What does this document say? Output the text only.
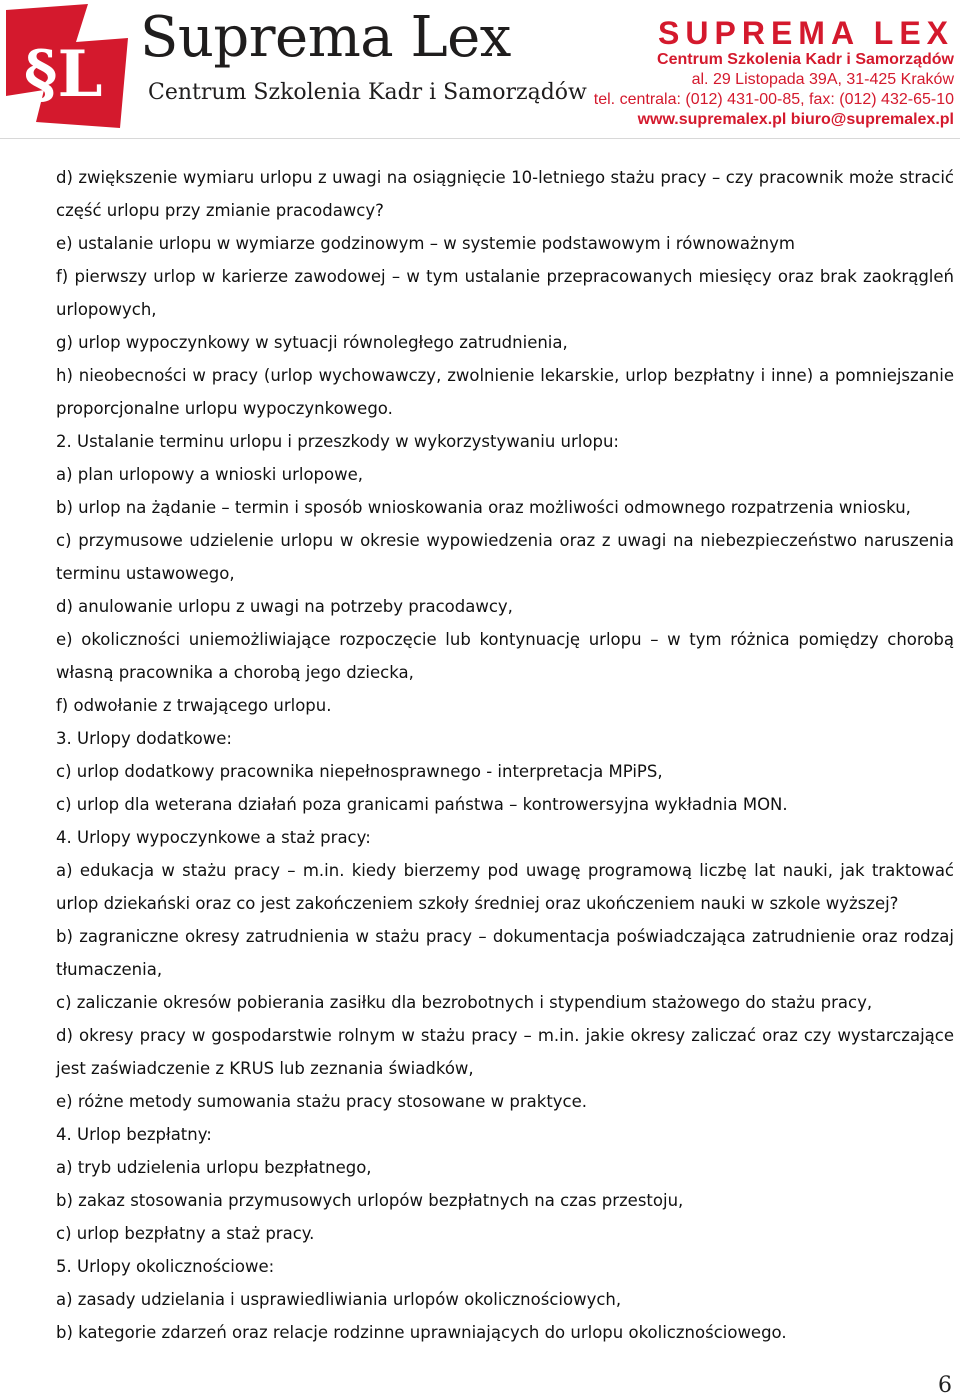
§L Suprema Lex
Centrum Szkolenia Kadr i Samorządów
SUPREMA LEX
Centrum Szkolenia Kadr i Samorządów
al. 29 Listopada 39A, 31-425 Kraków
tel. centrala: (012) 431-00-85, fax: (012) 432-65-10
www.supremalex.pl biuro@supremalex.pl

d) zwiększenie wymiaru urlopu z uwagi na osiągnięcie 10-letniego stażu pracy – czy pracownik może stracić część urlopu przy zmianie pracodawcy?

e) ustalanie urlopu w wymiarze godzinowym – w systemie podstawowym i równoważnym

f) pierwszy urlop w karierze zawodowej – w tym ustalanie przepracowanych miesięcy oraz brak zaokrągleń urlopowych,

g) urlop wypoczynkowy w sytuacji równoległego zatrudnienia,

h) nieobecności w pracy (urlop wychowawczy, zwolnienie lekarskie, urlop bezpłatny i inne) a pomniejszanie proporcjonalne urlopu wypoczynkowego.

2. Ustalanie terminu urlopu i przeszkody w wykorzystywaniu urlopu:

a) plan urlopowy a wnioski urlopowe,

b) urlop na żądanie – termin i sposób wnioskowania oraz możliwości odmownego rozpatrzenia wniosku,

c) przymusowe udzielenie urlopu w okresie wypowiedzenia oraz z uwagi na niebezpieczeństwo naruszenia terminu ustawowego,

d) anulowanie urlopu z uwagi na potrzeby pracodawcy,

e) okoliczności uniemożliwiające rozpoczęcie lub kontynuację urlopu – w tym różnica pomiędzy chorobą własną pracownika a chorobą jego dziecka,

f) odwołanie z trwającego urlopu.

3. Urlopy dodatkowe:

c) urlop dodatkowy pracownika niepełnosprawnego - interpretacja MPiPS,

c) urlop dla weterana działań poza granicami państwa – kontrowersyjna wykładnia MON.

4. Urlopy wypoczynkowe a staż pracy:

a) edukacja w stażu pracy – m.in. kiedy bierzemy pod uwagę programową liczbę lat nauki, jak traktować urlop dziekański oraz co jest zakończeniem szkoły średniej oraz ukończeniem nauki w szkole wyższej?

b) zagraniczne okresy zatrudnienia w stażu pracy – dokumentacja poświadczająca zatrudnienie oraz rodzaj tłumaczenia,

c) zaliczanie okresów pobierania zasiłku dla bezrobotnych i stypendium stażowego do stażu pracy,

d) okresy pracy w gospodarstwie rolnym w stażu pracy – m.in. jakie okresy zaliczać oraz czy wystarczające jest zaświadczenie z KRUS lub zeznania świadków,

e) różne metody sumowania stażu pracy stosowane w praktyce.

4. Urlop bezpłatny:

a) tryb udzielenia urlopu bezpłatnego,

b) zakaz stosowania przymusowych urlopów bezpłatnych na czas przestoju,

c) urlop bezpłatny a staż pracy.

5. Urlopy okolicznościowe:

a) zasady udzielania i usprawiedliwiania urlopów okolicznościowych,

b) kategorie zdarzeń oraz relacje rodzinne uprawniających do urlopu okolicznościowego.

6
